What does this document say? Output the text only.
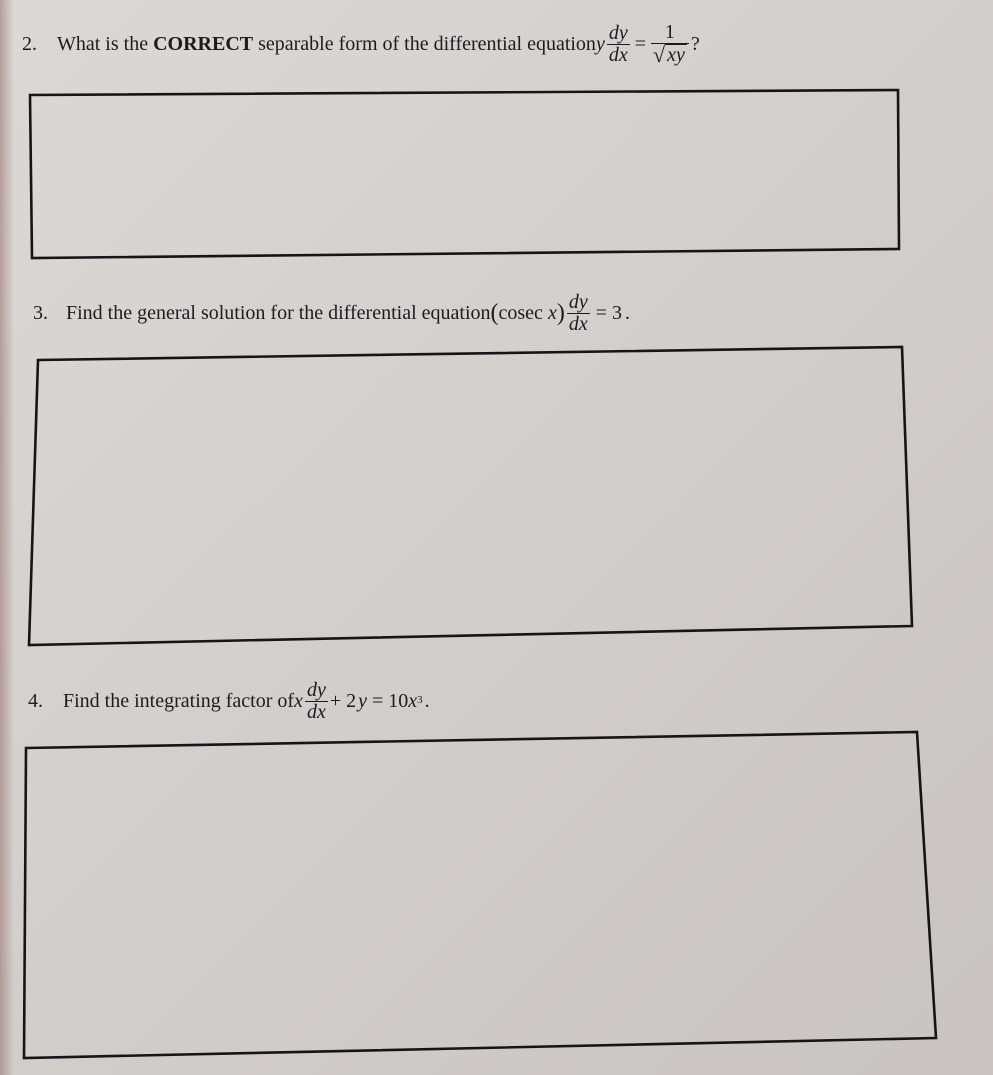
2. What is the CORRECT separable form of the differential equation y $\frac{dy}{dx} = \frac{1}{√ xy}$ ?
3. Find the general solution for the differential equation ( cosec x ) $\frac{dy}{dx} = 3$ .
4. Find the integrating factor of x $\frac{dy}{dx} + 2$ y = 10 $x^3$ .
